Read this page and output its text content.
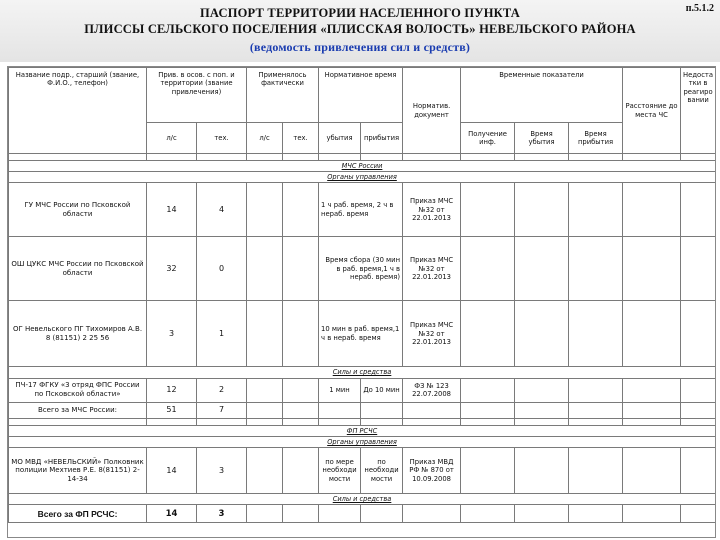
п.5.1.2
ПАСПОРТ ТЕРРИТОРИИ НАСЕЛЕННОГО ПУНКТА
ПЛИССЫ СЕЛЬСКОГО ПОСЕЛЕНИЯ «ПЛИССКАЯ ВОЛОСТЬ» НЕВЕЛЬСКОГО РАЙОНА
(ведомость привлечения сил и средств)
Название подр., старший (звание, Ф.И.О., телефон)	Прив. в осов. с поп. и территории (звание привлечения)		Применялось фактически		Нормативное время		Норматив. документ	Временные показатели			Расстояние до места ЧС	Недоста тки в реагиро вании
	л/с	тех.	л/с	тех.	убытия	прибытия		Получение инф.	Время убытия	Время прибытия		

МЧС России												
Органы управления												
ГУ МЧС России по Псковской области	14	4			1 ч раб. время, 2 ч в нераб. время		Приказ МЧС №32 от 22.01.2013					
ОШ ЦУКС МЧС России по Псковской области	32	0			Время сбора (30 мин в раб. время,1 ч в нераб. время)		Приказ МЧС №32 от 22.01.2013					
ОГ Невельского ПГ Тихомиров А.В. 8 (81151) 2 25 56	3	1			10 мин в раб. время,1 ч в нераб. время		Приказ МЧС №32 от 22.01.2013					
Силы и средства												
ПЧ-17 ФГКУ «3 отряд ФПС России по Псковской области»	12	2			1 мин	До 10 мин	ФЗ № 123 22.07.2008					
Всего за МЧС России:	51	7										

ФП РСЧС												
Органы управления												
МО МВД «НЕВЕЛЬСКИЙ» Полковник полиции Мехтиев Р.Е. 8(81151) 2-14-34	14	3			по мере необходи мости	по необходи мости	Приказ МВД РФ № 870 от 10.09.2008					
Силы и средства												
Всего за ФП РСЧС:	14	3										
